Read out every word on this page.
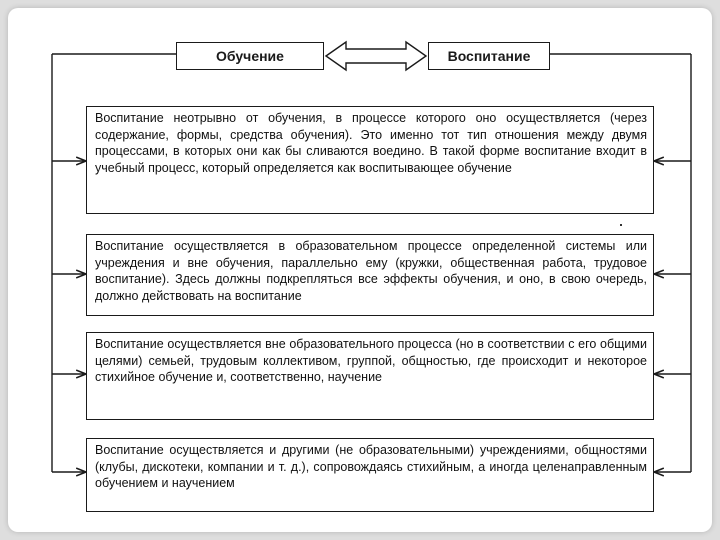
Обучение	Воспитание
Воспитание неотрывно от обучения, в процессе которого оно осуществляется (через содержание, формы, средства обучения). Это именно тот тип отношения между двумя процессами, в которых они как бы сливаются воедино. В такой форме воспитание входит в учебный процесс, который определяется как воспитывающее обучение
Воспитание осуществляется в образовательном процессе определенной системы или учреждения и вне обучения, параллельно ему (кружки, общественная работа, трудовое воспитание). Здесь должны подкрепляться все эффекты обучения, и оно, в свою очередь, должно действовать на воспитание
Воспитание осуществляется вне образовательного процесса (но в соответствии с его общими целями) семьей, трудовым коллективом, группой, общностью, где происходит и некоторое стихийное обучение и, соответственно, научение
Воспитание осуществляется и другими (не образовательными) учреждениями, общностями (клубы, дискотеки, компании и т. д.), сопровождаясь стихийным, а иногда целенаправленным обучением и научением
